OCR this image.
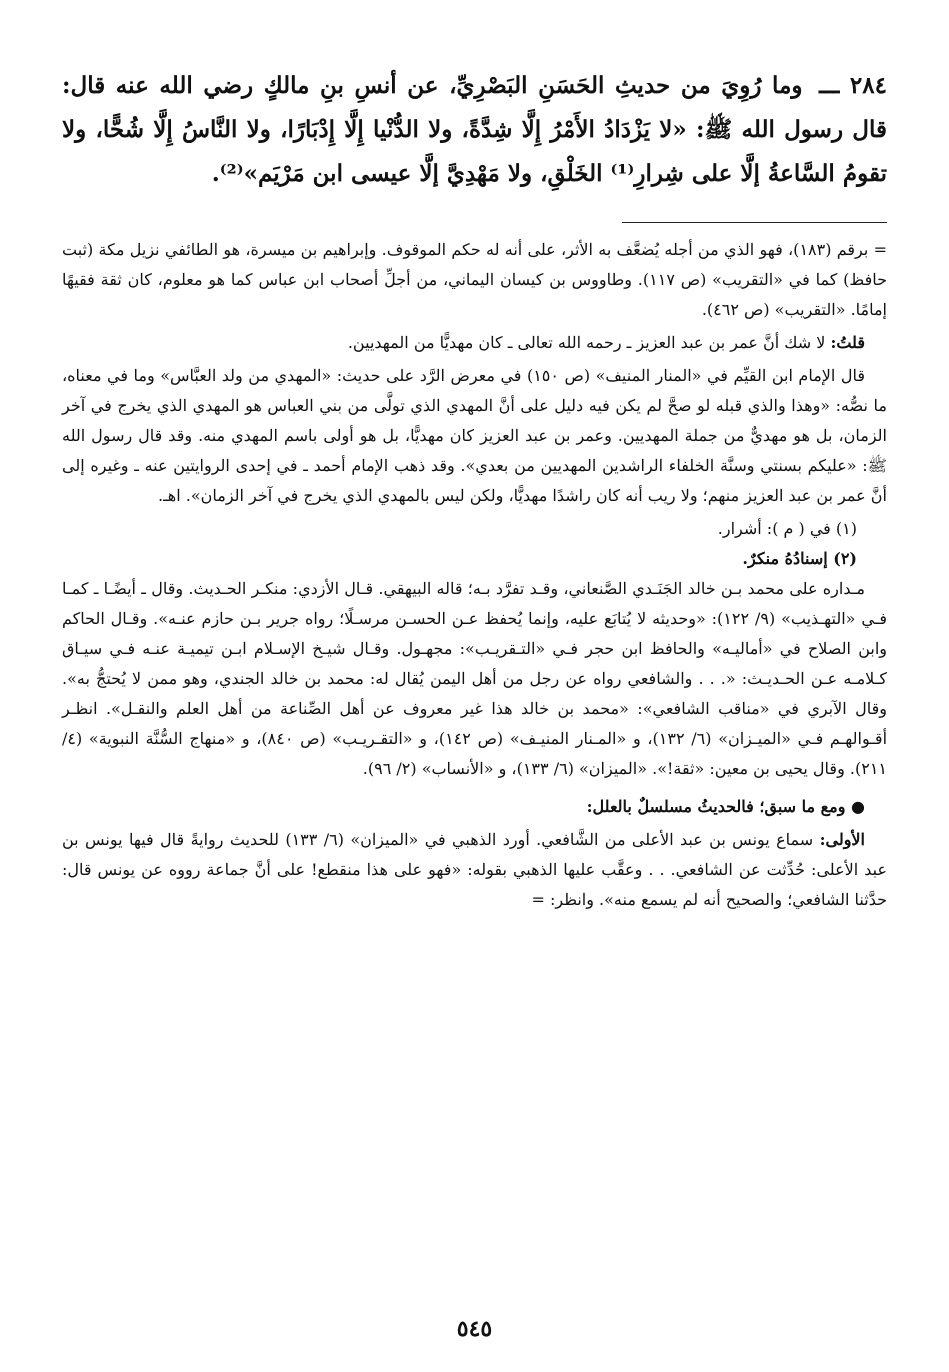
٢٨٤ ـــ وما رُوِيَ من حديثِ الحَسَنِ البَصْرِيِّ، عن أنسِ بنِ مالكٍ رضي الله عنه قال: قال رسول الله ﷺ: «لا يَزْدَادُ الأَمْرُ إِلَّا شِدَّةً، ولا الدُّنْيا إِلَّا إِدْبَارًا، ولا النَّاسُ إِلَّا شُحًّا، ولا تقومُ السَّاعةُ إلَّا على شِرارِ⁽¹⁾ الخَلْقِ، ولا مَهْدِيَّ إلَّا عيسى ابن مَرْيَم»⁽²⁾.

= برقم (١٨٣)، فهو الذي من أجله يُضعَّف به الأثر، على أنه له حكم الموقوف. وإبراهيم بن ميسرة، هو الطائفي نزيل مكة (ثبت حافظ) كما في «التقريب» (ص ١١٧). وطاووس بن كيسان اليماني، من أجلِّ أصحاب ابن عباس كما هو معلوم، كان ثقة فقيهًا إمامًا. «التقريب» (ص ٤٦٢).

قلتُ: لا شك أنَّ عمر بن عبد العزيز ـ رحمه الله تعالى ـ كان مهديًّا من المهديين.

قال الإمام ابن القيِّم في «المنار المنيف» (ص ١٥٠) في معرض الرَّد على حديث: «المهدي من ولد العبَّاس» وما في معناه، ما نصُّه: «وهذا والذي قبله لو صحَّ لم يكن فيه دليل على أنَّ المهدي الذي تولَّى من بني العباس هو المهدي الذي يخرج في آخر الزمان، بل هو مهديٌّ من جملة المهديين. وعمر بن عبد العزيز كان مهديًّا، بل هو أولى باسم المهدي منه. وقد قال رسول الله ﷺ: «عليكم بسنتي وسنَّة الخلفاء الراشدين المهديين من بعدي». وقد ذهب الإمام أحمد ـ في إحدى الروايتين عنه ـ وغيره إلى أنَّ عمر بن عبد العزيز منهم؛ ولا ريب أنه كان راشدًا مهديًّا، ولكن ليس بالمهدي الذي يخرج في آخر الزمان». اهـ.

(١) في ( م ): أشرار.

(٢) إسنادُهُ منكرٌ.

مـداره على محمد بـن خالد الجَنَـدي الصَّنعاني، وقـد تفرَّد بـه؛ قاله البيهقي. قـال الأزدي: منكـر الحـديث. وقال ـ أيضًـا ـ كمـا فـي «التهـذيب» (٩/ ١٢٢): «وحديثه لا يُتابَع عليه، وإنما يُحفظ عـن الحسـن مرسـلًا؛ رواه جرير بـن حازم عنـه». وقـال الحاكم وابن الصلاح في «أماليـه» والحافظ ابن حجر فـي «التـقريـب»: مجهـول. وقـال شيـخ الإسـلام ابـن تيميـة عنـه فـي سيـاق كـلامـه عـن الحـديـث: «. . . والشافعي رواه عن رجل من أهل اليمن يُقال له: محمد بن خالد الجندي، وهو ممن لا يُحتجُّ به». وقال الآبري في «مناقب الشافعي»: «محمد بن خالد هذا غير معروف عن أهل الصِّناعة من أهل العلم والنقـل». انظـر أقـوالهـم فـي «الميـزان» (٦/ ١٣٢)، و «المـنار المنيـف» (ص ١٤٢)، و «التقـريـب» (ص ٨٤٠)، و «منهاج السُّنَّة النبوية» (٤/ ٢١١). وقال يحيى بن معين: «ثقة!». «الميزان» (٦/ ١٣٣)، و «الأنساب» (٢/ ٩٦).

● ومع ما سبق؛ فالحديثُ مسلسلٌ بالعلل:

الأولى: سماع يونس بن عبد الأعلى من الشَّافعي. أورد الذهبي في «الميزان» (٦/ ١٣٣) للحديث روايةً قال فيها يونس بن عبد الأعلى: حُدِّثت عن الشافعي. . . وعقَّب عليها الذهبي بقوله: «فهو على هذا منقطع! على أنَّ جماعة رووه عن يونس قال: حدَّثنا الشافعي؛ والصحيح أنه لم يسمع منه». وانظر: =

٥٤٥
